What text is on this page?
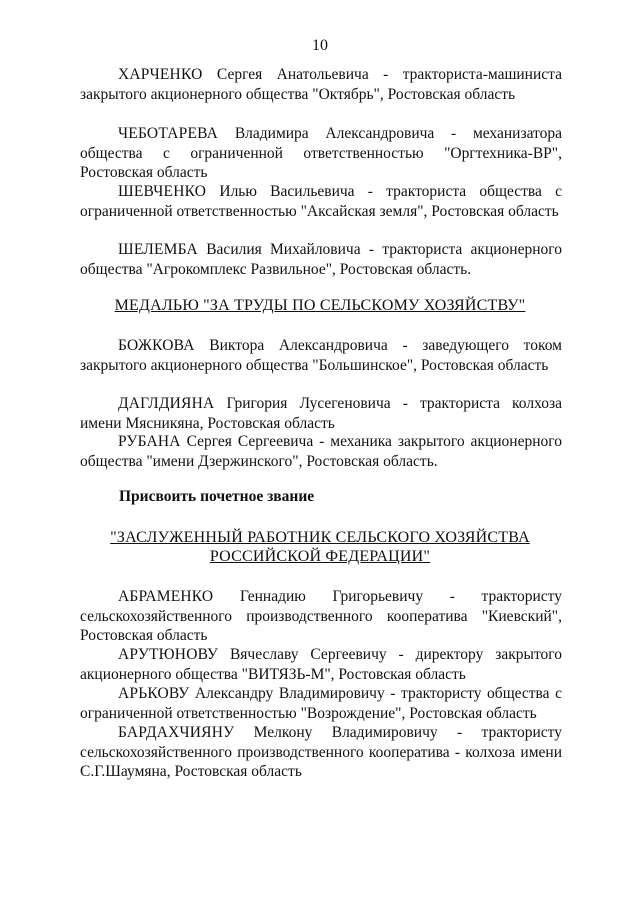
10

ХАРЧЕНКО Сергея Анатольевича - тракториста-машиниста закрытого акционерного общества "Октябрь", Ростовская область

ЧЕБОТАРЕВА Владимира Александровича - механизатора общества с ограниченной ответственностью "Оргтехника-ВР", Ростовская область

ШЕВЧЕНКО Илью Васильевича - тракториста общества с ограниченной ответственностью "Аксайская земля", Ростовская область

ШЕЛЕМБА Василия Михайловича - тракториста акционерного общества "Агрокомплекс Развильное", Ростовская область.

МЕДАЛЬЮ "ЗА ТРУДЫ ПО СЕЛЬСКОМУ ХОЗЯЙСТВУ"

БОЖКОВА Виктора Александровича - заведующего током закрытого акционерного общества "Большинское", Ростовская область

ДАГЛДИЯНА Григория Лусегеновича - тракториста колхоза имени Мясникяна, Ростовская область

РУБАНА Сергея Сергеевича - механика закрытого акционерного общества "имени Дзержинского", Ростовская область.

Присвоить почетное звание
"ЗАСЛУЖЕННЫЙ РАБОТНИК СЕЛЬСКОГО ХОЗЯЙСТВА
РОССИЙСКОЙ ФЕДЕРАЦИИ"

АБРАМЕНКО Геннадию Григорьевичу - трактористу сельскохозяйственного производственного кооператива "Киевский", Ростовская область

АРУТЮНОВУ Вячеславу Сергеевичу - директору закрытого акционерного общества "ВИТЯЗЬ-М", Ростовская область

АРЬКОВУ Александру Владимировичу - трактористу общества с ограниченной ответственностью "Возрождение", Ростовская область

БАРДАХЧИЯНУ Мелкону Владимировичу - трактористу сельскохозяйственного производственного кооператива - колхоза имени С.Г.Шаумяна, Ростовская область
